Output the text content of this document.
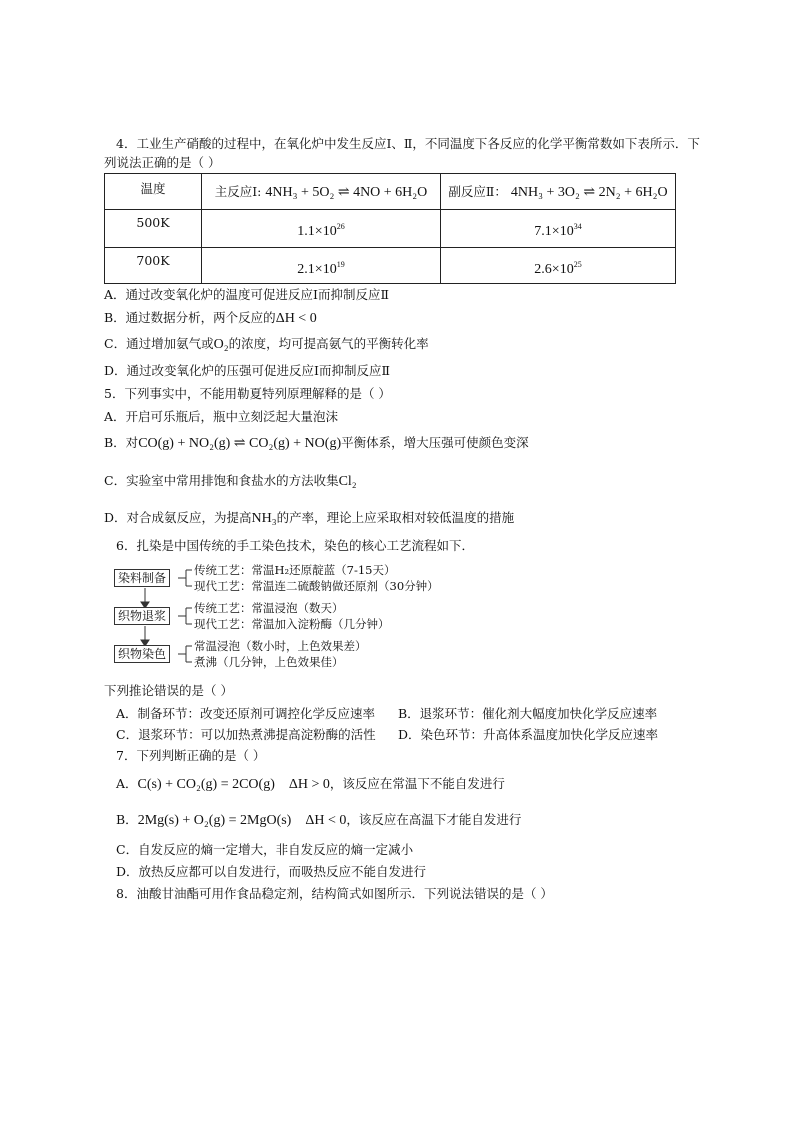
4．工业生产硝酸的过程中，在氧化炉中发生反应Ⅰ、Ⅱ，不同温度下各反应的化学平衡常数如下表所示．下
列说法正确的是（ ）
温度	主反应Ⅰ: 4NH₃ + 5O₂ ⇌ 4NO + 6H₂O	副反应Ⅱ： 4NH₃ + 3O₂ ⇌ 2N₂ + 6H₂O
500K	$1.1\times 10^{26}$	$7.1\times 10^{34}$
700K	$2.1\times 10^{19}$	$2.6\times 10^{25}$
A．通过改变氧化炉的温度可促进反应Ⅰ而抑制反应Ⅱ
B．通过数据分析，两个反应的ΔH < 0
C．通过增加氨气或O₂的浓度，均可提高氨气的平衡转化率
D．通过改变氧化炉的压强可促进反应Ⅰ而抑制反应Ⅱ
5．下列事实中，不能用勒夏特列原理解释的是（ ）
A．开启可乐瓶后，瓶中立刻泛起大量泡沫
B．对CO(g) + NO₂(g) ⇌ CO₂(g) + NO(g)平衡体系，增大压强可使颜色变深
C．实验室中常用排饱和食盐水的方法收集Cl₂
D．对合成氨反应，为提高NH₃的产率，理论上应采取相对较低温度的措施
6．扎染是中国传统的手工染色技术，染色的核心工艺流程如下．
染料制备
织物退浆
织物染色
传统工艺：常温H₂还原靛蓝（7-15天）
现代工艺：常温连二硫酸钠做还原剂（30分钟）
传统工艺：常温浸泡（数天）
现代工艺：常温加入淀粉酶（几分钟）
常温浸泡（数小时，上色效果差）
煮沸（几分钟，上色效果佳）
下列推论错误的是（ ）
A．制备环节：改变还原剂可调控化学反应速率 B．退浆环节：催化剂大幅度加快化学反应速率
C．退浆环节：可以加热煮沸提高淀粉酶的活性 D．染色环节：升高体系温度加快化学反应速率
7．下列判断正确的是（ ）
A．C(s) + CO₂(g) = 2CO(g)    ΔH > 0，该反应在常温下不能自发进行
B．2Mg(s) + O₂(g) = 2MgO(s)    ΔH < 0，该反应在高温下才能自发进行
C．自发反应的熵一定增大，非自发反应的熵一定减小
D．放热反应都可以自发进行，而吸热反应不能自发进行
8．油酸甘油酯可用作食品稳定剂，结构简式如图所示．下列说法错误的是（ ）
